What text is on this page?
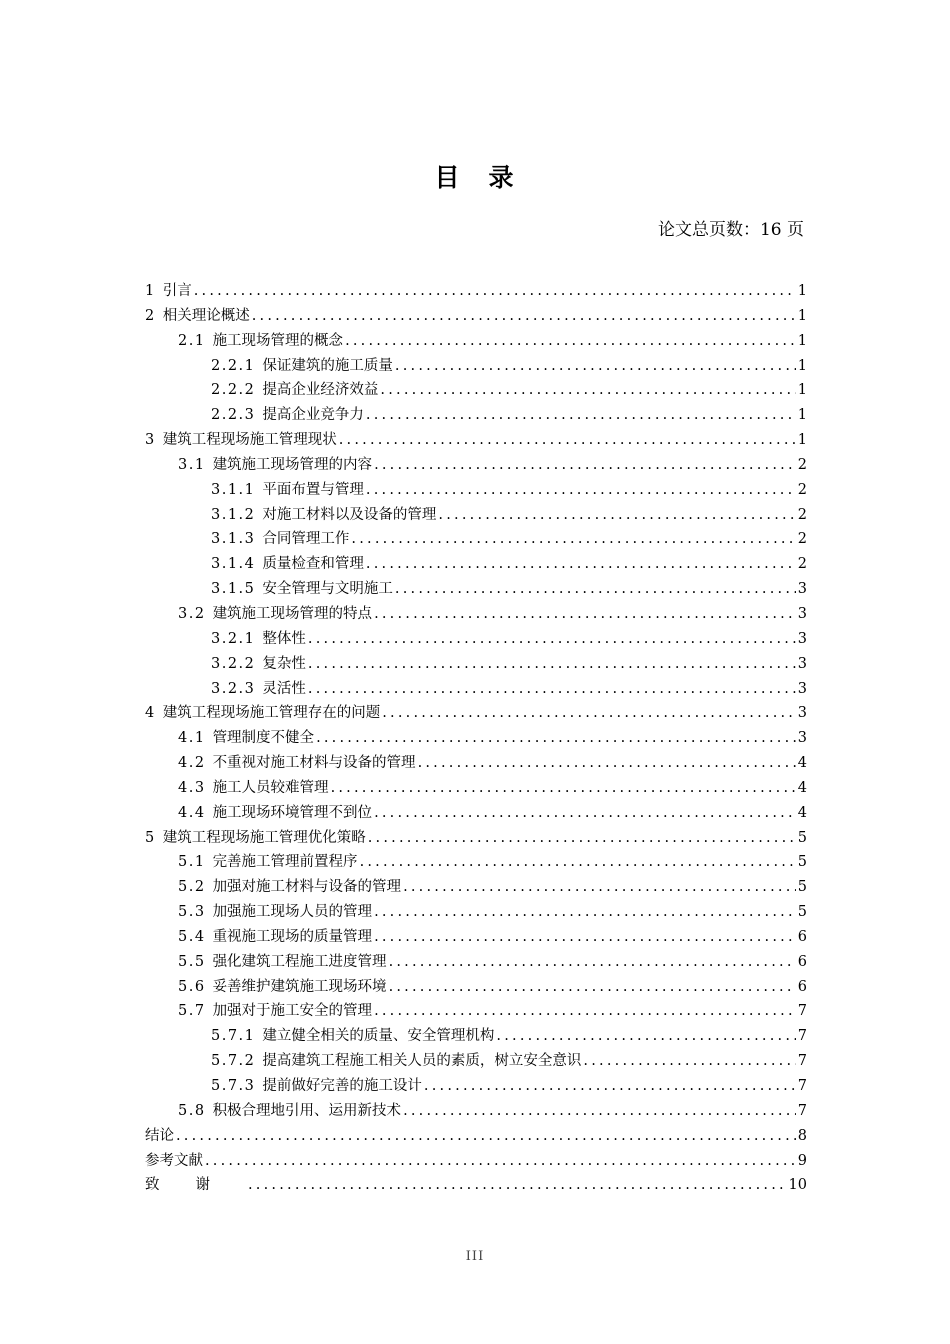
目　录
论文总页数：16 页
1 引言 .....	1
2 相关理论概述 .....	1
2.1 施工现场管理的概念 .....	1
2.2.1 保证建筑的施工质量 .....	1
2.2.2 提高企业经济效益 .....	1
2.2.3 提高企业竞争力 .....	1
3 建筑工程现场施工管理现状 .....	1
3.1 建筑施工现场管理的内容 .....	2
3.1.1 平面布置与管理 .....	2
3.1.2 对施工材料以及设备的管理 .....	2
3.1.3 合同管理工作 .....	2
3.1.4 质量检查和管理 .....	2
3.1.5 安全管理与文明施工 .....	3
3.2 建筑施工现场管理的特点 .....	3
3.2.1 整体性 .....	3
3.2.2 复杂性 .....	3
3.2.3 灵活性 .....	3
4 建筑工程现场施工管理存在的问题 .....	3
4.1 管理制度不健全 .....	3
4.2 不重视对施工材料与设备的管理 .....	4
4.3 施工人员较难管理 .....	4
4.4 施工现场环境管理不到位 .....	4
5 建筑工程现场施工管理优化策略 .....	5
5.1 完善施工管理前置程序 .....	5
5.2 加强对施工材料与设备的管理 .....	5
5.3 加强施工现场人员的管理 .....	5
5.4 重视施工现场的质量管理 .....	6
5.5 强化建筑工程施工进度管理 .....	6
5.6 妥善维护建筑施工现场环境 .....	6
5.7 加强对于施工安全的管理 .....	7
5.7.1 建立健全相关的质量、安全管理机构 .....	7
5.7.2 提高建筑工程施工相关人员的素质，树立安全意识 .....	7
5.7.3 提前做好完善的施工设计 .....	7
5.8 积极合理地引用、运用新技术 .....	7
结论 .....	8
参考文献 .....	9
致谢 .....	10
III
